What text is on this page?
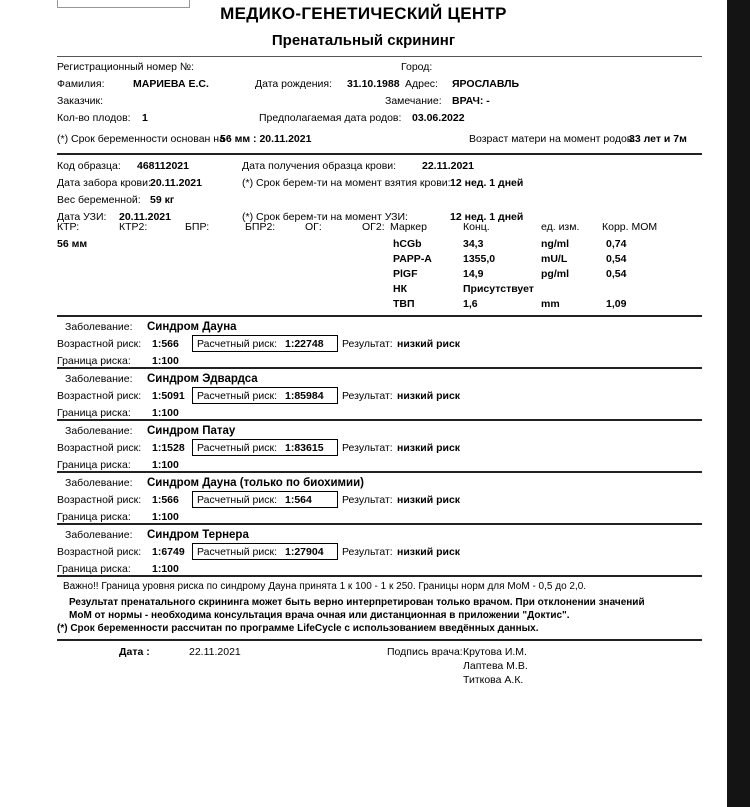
МЕДИКО-ГЕНЕТИЧЕСКИЙ ЦЕНТР
Пренатальный скрининг
Регистрационный номер №:	Город:
Фамилия:	МАРИЕВА Е.С.	Дата рождения: 31.10.1988 Адрес: ЯРОСЛАВЛЬ
Заказчик:	Замечание: ВРАЧ: -
Кол-во плодов: 1	Предполагаемая дата родов: 03.06.2022
(*) Срок беременности основан на :
56 мм : 20.11.2021	Возраст матери на момент родов:
33 лет и 7м
Код образца: 468112021	Дата получения образца крови: 22.11.2021
Дата забора крови: 20.11.2021	(*) Срок берем-ти на момент взятия крови: 12 нед. 1 дней
Вес беременной: 59 кг
Дата УЗИ: 20.11.2021	(*) Срок берем-ти на момент УЗИ:	12 нед. 1 дней
КТР:	КТР2:	БПР:	БПР2:	ОГ:	ОГ2:
56 мм
Маркер	Конц.	ед. изм. Корр. МОМ
hCGb	34,3	ng/ml	0,74
PAPP-A	1355,0	mU/L	0,54
PlGF	14,9	pg/ml	0,54
НК	Присутствует
ТВП	1,6	mm	1,09
Заболевание: Синдром Дауна
Возрастной риск: 1:566 Расчетный риск: 1:22748 Результат: низкий риск
Граница риска: 1:100
Заболевание: Синдром Эдвардса
Возрастной риск: 1:5091 Расчетный риск: 1:85984 Результат: низкий риск
Граница риска: 1:100
Заболевание: Синдром Патау
Возрастной риск: 1:1528 Расчетный риск: 1:83615 Результат: низкий риск
Граница риска: 1:100
Заболевание: Синдром Дауна (только по биохимии)
Возрастной риск: 1:566 Расчетный риск: 1:564	Результат: низкий риск
Граница риска: 1:100
Заболевание: Синдром Тернера
Возрастной риск: 1:6749 Расчетный риск: 1:27904 Результат: низкий риск
Граница риска: 1:100
Важно!! Граница уровня риска по синдрому Дауна принята 1 к 100 - 1 к 250. Границы норм для МоМ - 0,5 до 2,0.
Результат пренатального скрининга может быть верно интерпретирован только врачом. При отклонении значений
МоМ от нормы - необходима консультация врача очная или дистанционная в приложении "Доктис".
(*) Срок беременности рассчитан по программе LifeCycle с использованием введённых данных.
Дата :	22.11.2021	Подпись врача: Крутова И.М.
Лаптева М.В.
Титкова А.К.
